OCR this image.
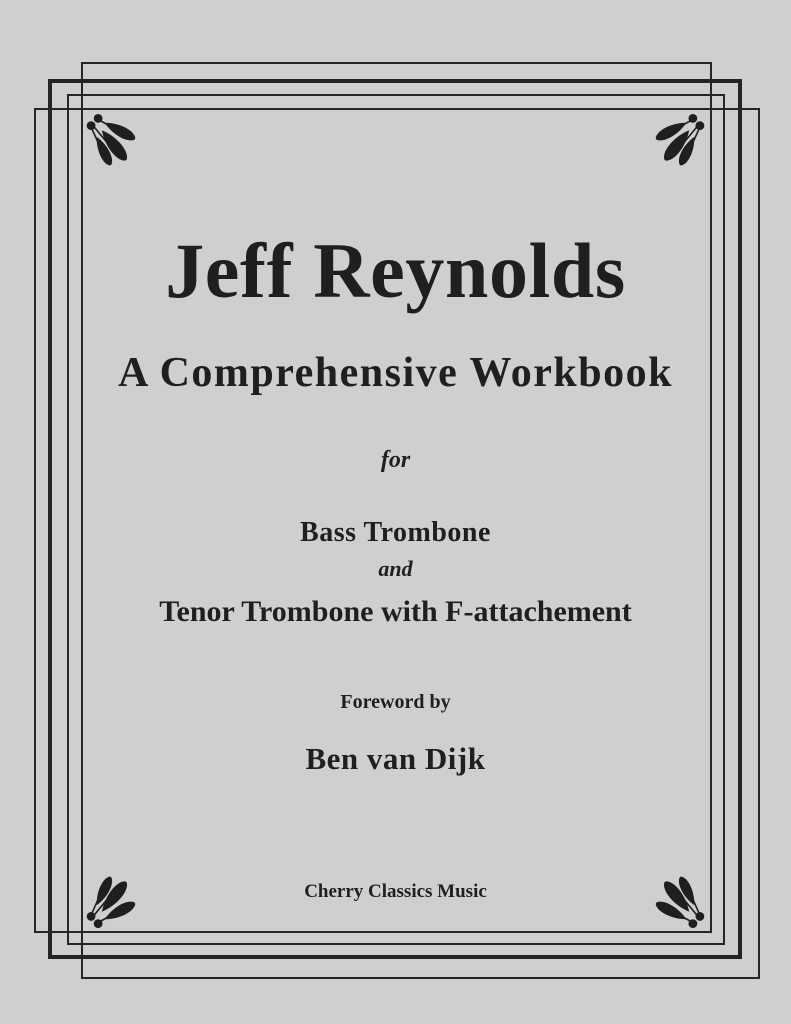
Jeff Reynolds
A Comprehensive Workbook
for
Bass Trombone
and
Tenor Trombone with F-attachement
Foreword by
Ben van Dijk
Cherry Classics Music
